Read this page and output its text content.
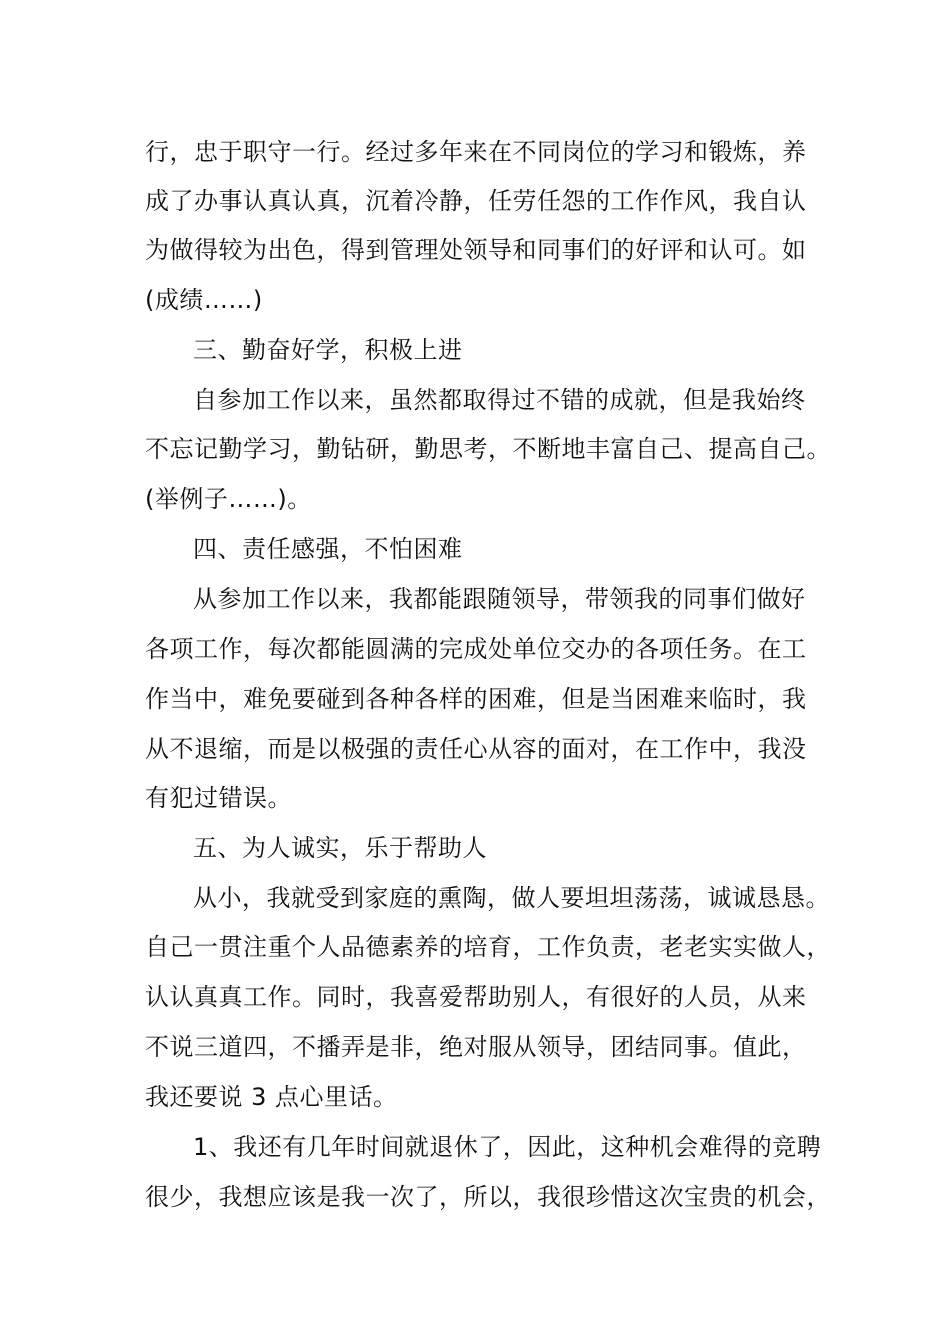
行，忠于职守一行。经过多年来在不同岗位的学习和锻炼，养
成了办事认真认真，沉着冷静，任劳任怨的工作作风，我自认
为做得较为出色，得到管理处领导和同事们的好评和认可。如
(成绩……)
三、勤奋好学，积极上进
自参加工作以来，虽然都取得过不错的成就，但是我始终
不忘记勤学习，勤钻研，勤思考，不断地丰富自己、提高自己。
(举例子……)。
四、责任感强，不怕困难
从参加工作以来，我都能跟随领导，带领我的同事们做好
各项工作，每次都能圆满的完成处单位交办的各项任务。在工
作当中，难免要碰到各种各样的困难，但是当困难来临时，我
从不退缩，而是以极强的责任心从容的面对，在工作中，我没
有犯过错误。
五、为人诚实，乐于帮助人
从小，我就受到家庭的熏陶，做人要坦坦荡荡，诚诚恳恳。
自己一贯注重个人品德素养的培育，工作负责，老老实实做人，
认认真真工作。同时，我喜爱帮助别人，有很好的人员，从来
不说三道四，不播弄是非，绝对服从领导，团结同事。值此，
我还要说 3 点心里话。
1、我还有几年时间就退休了，因此，这种机会难得的竞聘
很少，我想应该是我一次了，所以，我很珍惜这次宝贵的机会，
